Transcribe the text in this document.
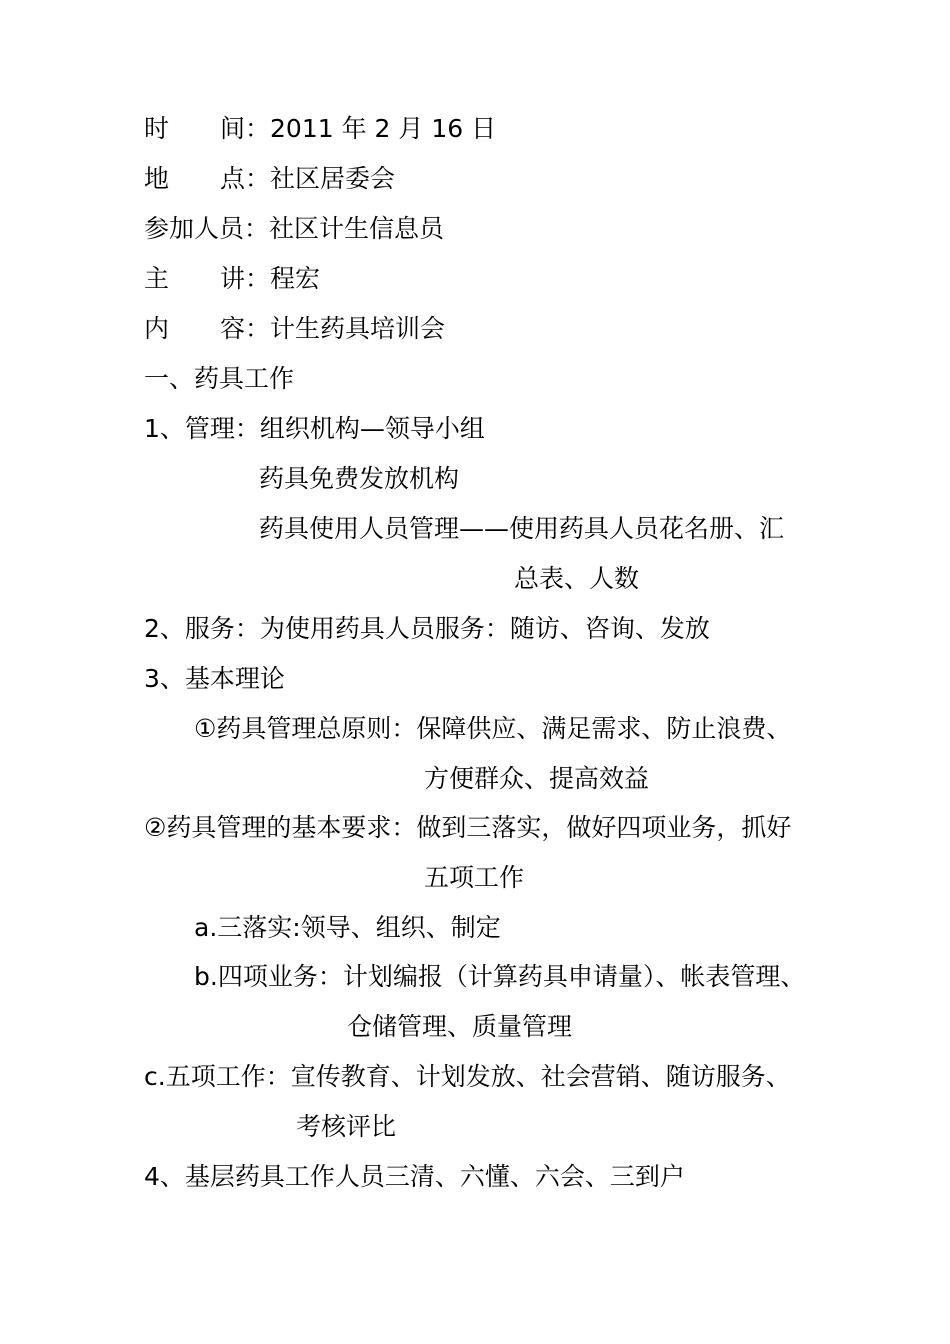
时 间：2011 年 2 月 16 日
地 点：社区居委会
参加人员：社区计生信息员
主 讲：程宏
内 容：计生药具培训会
一、药具工作
1、管理：组织机构—领导小组
药具免费发放机构
药具使用人员管理——使用药具人员花名册、汇
总表、人数
2、服务：为使用药具人员服务：随访、咨询、发放
3、基本理论
①药具管理总原则：保障供应、满足需求、防止浪费、
方便群众、提高效益
②药具管理的基本要求：做到三落实，做好四项业务，抓好
五项工作
a.三落实:领导、组织、制定
b.四项业务：计划编报（计算药具申请量）、帐表管理、
仓储管理、质量管理
c.五项工作：宣传教育、计划发放、社会营销、随访服务、
考核评比
4、基层药具工作人员三清、六懂、六会、三到户
